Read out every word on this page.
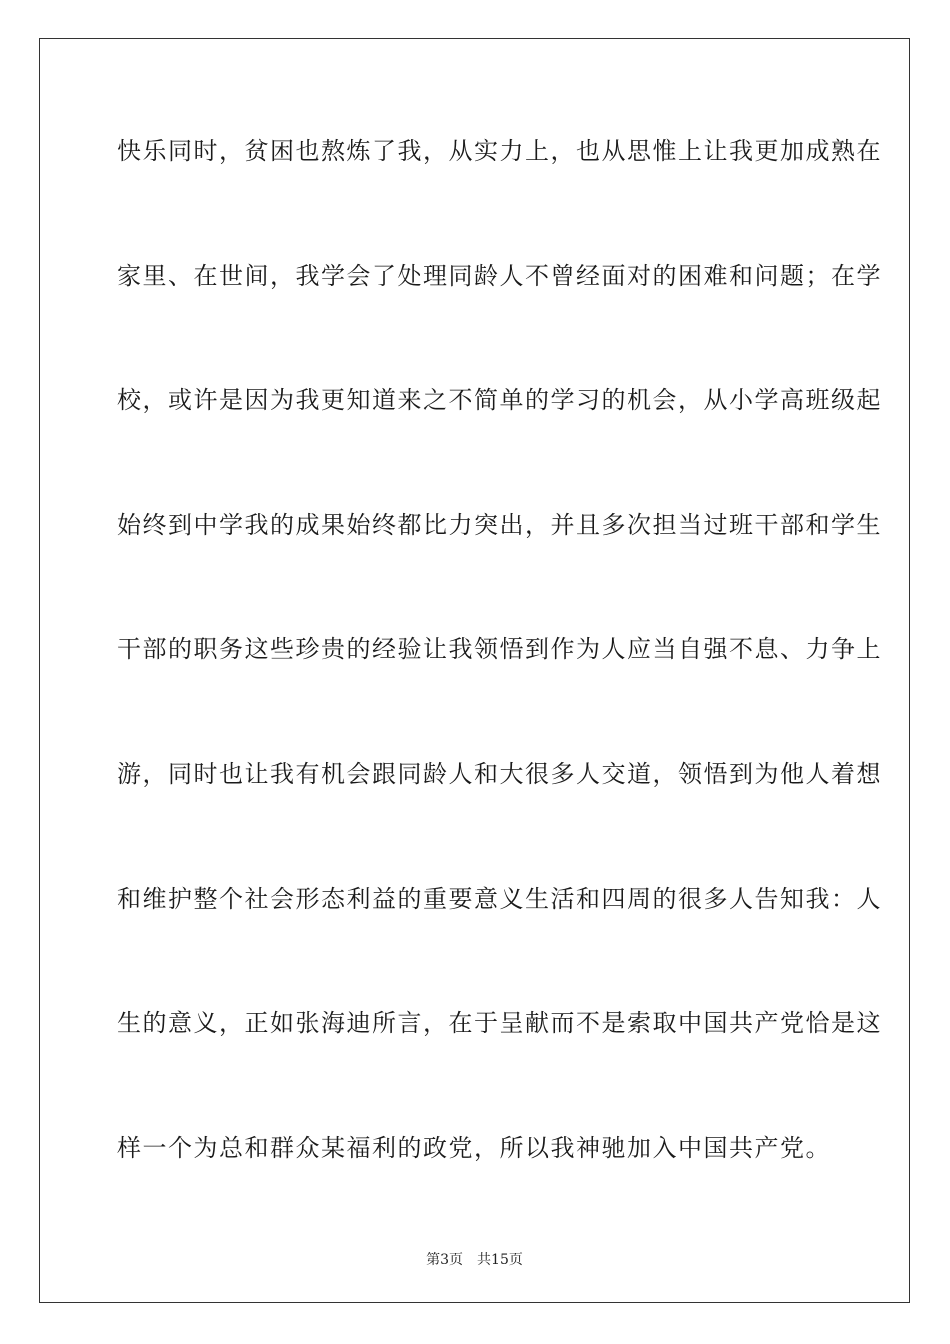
快乐同时，贫困也熬炼了我，从实力上，也从思惟上让我更加成熟在
家里、在世间，我学会了处理同龄人不曾经面对的困难和问题；在学
校，或许是因为我更知道来之不简单的学习的机会，从小学高班级起
始终到中学我的成果始终都比力突出，并且多次担当过班干部和学生
干部的职务这些珍贵的经验让我领悟到作为人应当自强不息、力争上
游，同时也让我有机会跟同龄人和大很多人交道，领悟到为他人着想
和维护整个社会形态利益的重要意义生活和四周的很多人告知我：人
生的意义，正如张海迪所言，在于呈献而不是索取中国共产党恰是这
样一个为总和群众某福利的政党，所以我神驰加入中国共产党。
第3页　共15页
